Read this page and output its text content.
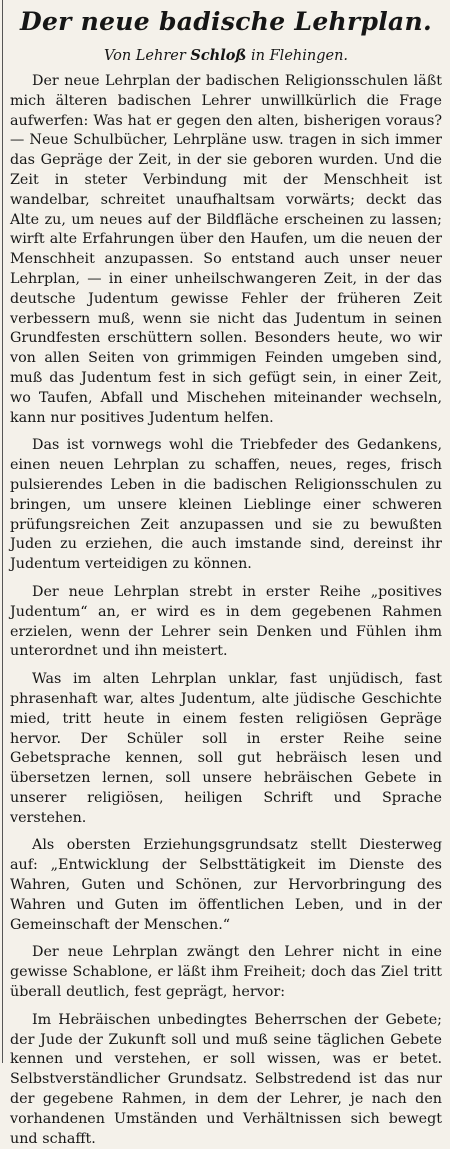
Der neue badische Lehrplan.
Von Lehrer Schloß in Flehingen.

Der neue Lehrplan der badischen Religionsschulen läßt mich älteren badischen Lehrer unwillkürlich die Frage aufwerfen: Was hat er gegen den alten, bisherigen voraus? — Neue Schulbücher, Lehrpläne usw. tragen in sich immer das Gepräge der Zeit, in der sie geboren wurden. Und die Zeit in steter Verbindung mit der Menschheit ist wandelbar, schreitet unaufhaltsam vorwärts; deckt das Alte zu, um neues auf der Bildfläche erscheinen zu lassen; wirft alte Erfahrungen über den Haufen, um die neuen der Menschheit anzupassen. So entstand auch unser neuer Lehrplan, — in einer unheilschwangeren Zeit, in der das deutsche Judentum gewisse Fehler der früheren Zeit verbessern muß, wenn sie nicht das Judentum in seinen Grundfesten erschüttern sollen. Besonders heute, wo wir von allen Seiten von grimmigen Feinden umgeben sind, muß das Judentum fest in sich gefügt sein, in einer Zeit, wo Taufen, Abfall und Mischehen miteinander wechseln, kann nur positives Judentum helfen.

Das ist vornwegs wohl die Triebfeder des Gedankens, einen neuen Lehrplan zu schaffen, neues, reges, frisch pulsierendes Leben in die badischen Religionsschulen zu bringen, um unsere kleinen Lieblinge einer schweren prüfungsreichen Zeit anzupassen und sie zu bewußten Juden zu erziehen, die auch imstande sind, dereinst ihr Judentum verteidigen zu können.

Der neue Lehrplan strebt in erster Reihe „positives Judentum“ an, er wird es in dem gegebenen Rahmen erzielen, wenn der Lehrer sein Denken und Fühlen ihm unterordnet und ihn meistert.

Was im alten Lehrplan unklar, fast unjüdisch, fast phrasenhaft war, altes Judentum, alte jüdische Geschichte mied, tritt heute in einem festen religiösen Gepräge hervor. Der Schüler soll in erster Reihe seine Gebetsprache kennen, soll gut hebräisch lesen und übersetzen lernen, soll unsere hebräischen Gebete in unserer religiösen, heiligen Schrift und Sprache verstehen.

Als obersten Erziehungsgrundsatz stellt Diesterweg auf: „Entwicklung der Selbsttätigkeit im Dienste des Wahren, Guten und Schönen, zur Hervorbringung des Wahren und Guten im öffentlichen Leben, und in der Gemeinschaft der Menschen.“

Der neue Lehrplan zwängt den Lehrer nicht in eine gewisse Schablone, er läßt ihm Freiheit; doch das Ziel tritt überall deutlich, fest geprägt, hervor:

Im Hebräischen unbedingtes Beherrschen der Gebete; der Jude der Zukunft soll und muß seine täglichen Gebete kennen und verstehen, er soll wissen, was er betet. Selbstverständlicher Grundsatz. Selbstredend ist das nur der gegebene Rahmen, in dem der Lehrer, je nach den vorhandenen Umständen und Verhältnissen sich bewegt und schafft.
